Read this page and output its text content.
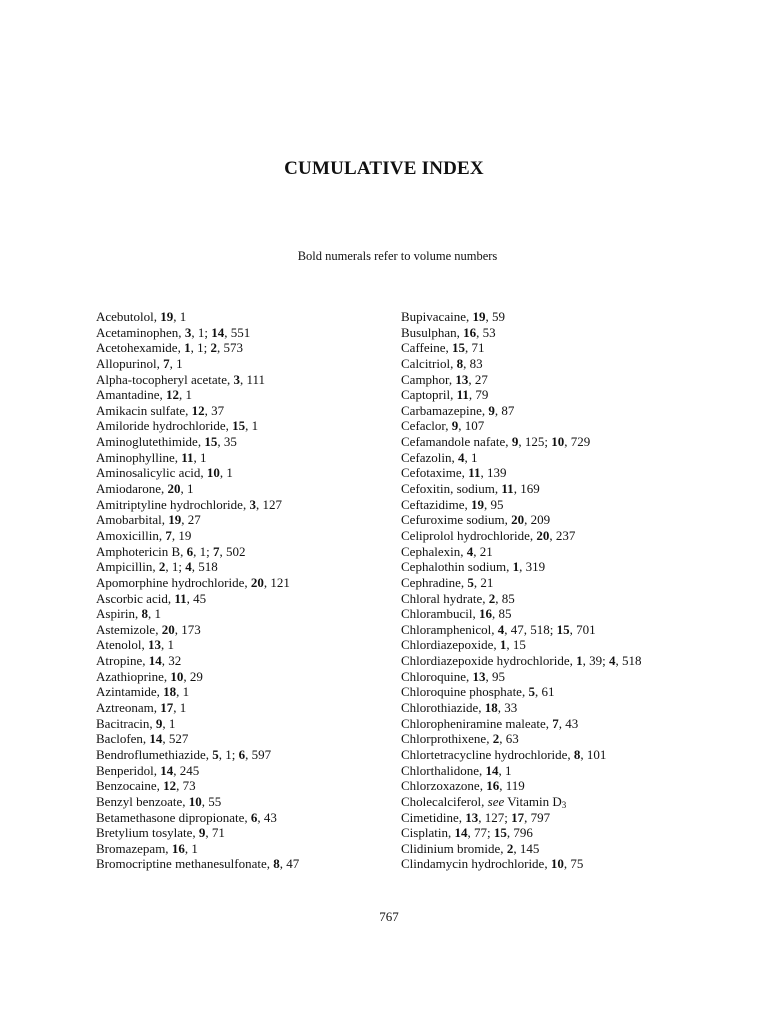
CUMULATIVE INDEX
Bold numerals refer to volume numbers
Acebutolol, 19, 1
Acetaminophen, 3, 1; 14, 551
Acetohexamide, 1, 1; 2, 573
Allopurinol, 7, 1
Alpha-tocopheryl acetate, 3, 111
Amantadine, 12, 1
Amikacin sulfate, 12, 37
Amiloride hydrochloride, 15, 1
Aminoglutethimide, 15, 35
Aminophylline, 11, 1
Aminosalicylic acid, 10, 1
Amiodarone, 20, 1
Amitriptyline hydrochloride, 3, 127
Amobarbital, 19, 27
Amoxicillin, 7, 19
Amphotericin B, 6, 1; 7, 502
Ampicillin, 2, 1; 4, 518
Apomorphine hydrochloride, 20, 121
Ascorbic acid, 11, 45
Aspirin, 8, 1
Astemizole, 20, 173
Atenolol, 13, 1
Atropine, 14, 32
Azathioprine, 10, 29
Azintamide, 18, 1
Aztreonam, 17, 1
Bacitracin, 9, 1
Baclofen, 14, 527
Bendroflumethiazide, 5, 1; 6, 597
Benperidol, 14, 245
Benzocaine, 12, 73
Benzyl benzoate, 10, 55
Betamethasone dipropionate, 6, 43
Bretylium tosylate, 9, 71
Bromazepam, 16, 1
Bromocriptine methanesulfonate, 8, 47
Bupivacaine, 19, 59
Busulphan, 16, 53
Caffeine, 15, 71
Calcitriol, 8, 83
Camphor, 13, 27
Captopril, 11, 79
Carbamazepine, 9, 87
Cefaclor, 9, 107
Cefamandole nafate, 9, 125; 10, 729
Cefazolin, 4, 1
Cefotaxime, 11, 139
Cefoxitin, sodium, 11, 169
Ceftazidime, 19, 95
Cefuroxime sodium, 20, 209
Celiprolol hydrochloride, 20, 237
Cephalexin, 4, 21
Cephalothin sodium, 1, 319
Cephradine, 5, 21
Chloral hydrate, 2, 85
Chlorambucil, 16, 85
Chloramphenicol, 4, 47, 518; 15, 701
Chlordiazepoxide, 1, 15
Chlordiazepoxide hydrochloride, 1, 39; 4, 518
Chloroquine, 13, 95
Chloroquine phosphate, 5, 61
Chlorothiazide, 18, 33
Chloropheniramine maleate, 7, 43
Chlorprothixene, 2, 63
Chlortetracycline hydrochloride, 8, 101
Chlorthalidone, 14, 1
Chlorzoxazone, 16, 119
Cholecalciferol, see Vitamin $D_3$
Cimetidine, 13, 127; 17, 797
Cisplatin, 14, 77; 15, 796
Clidinium bromide, 2, 145
Clindamycin hydrochloride, 10, 75
767
